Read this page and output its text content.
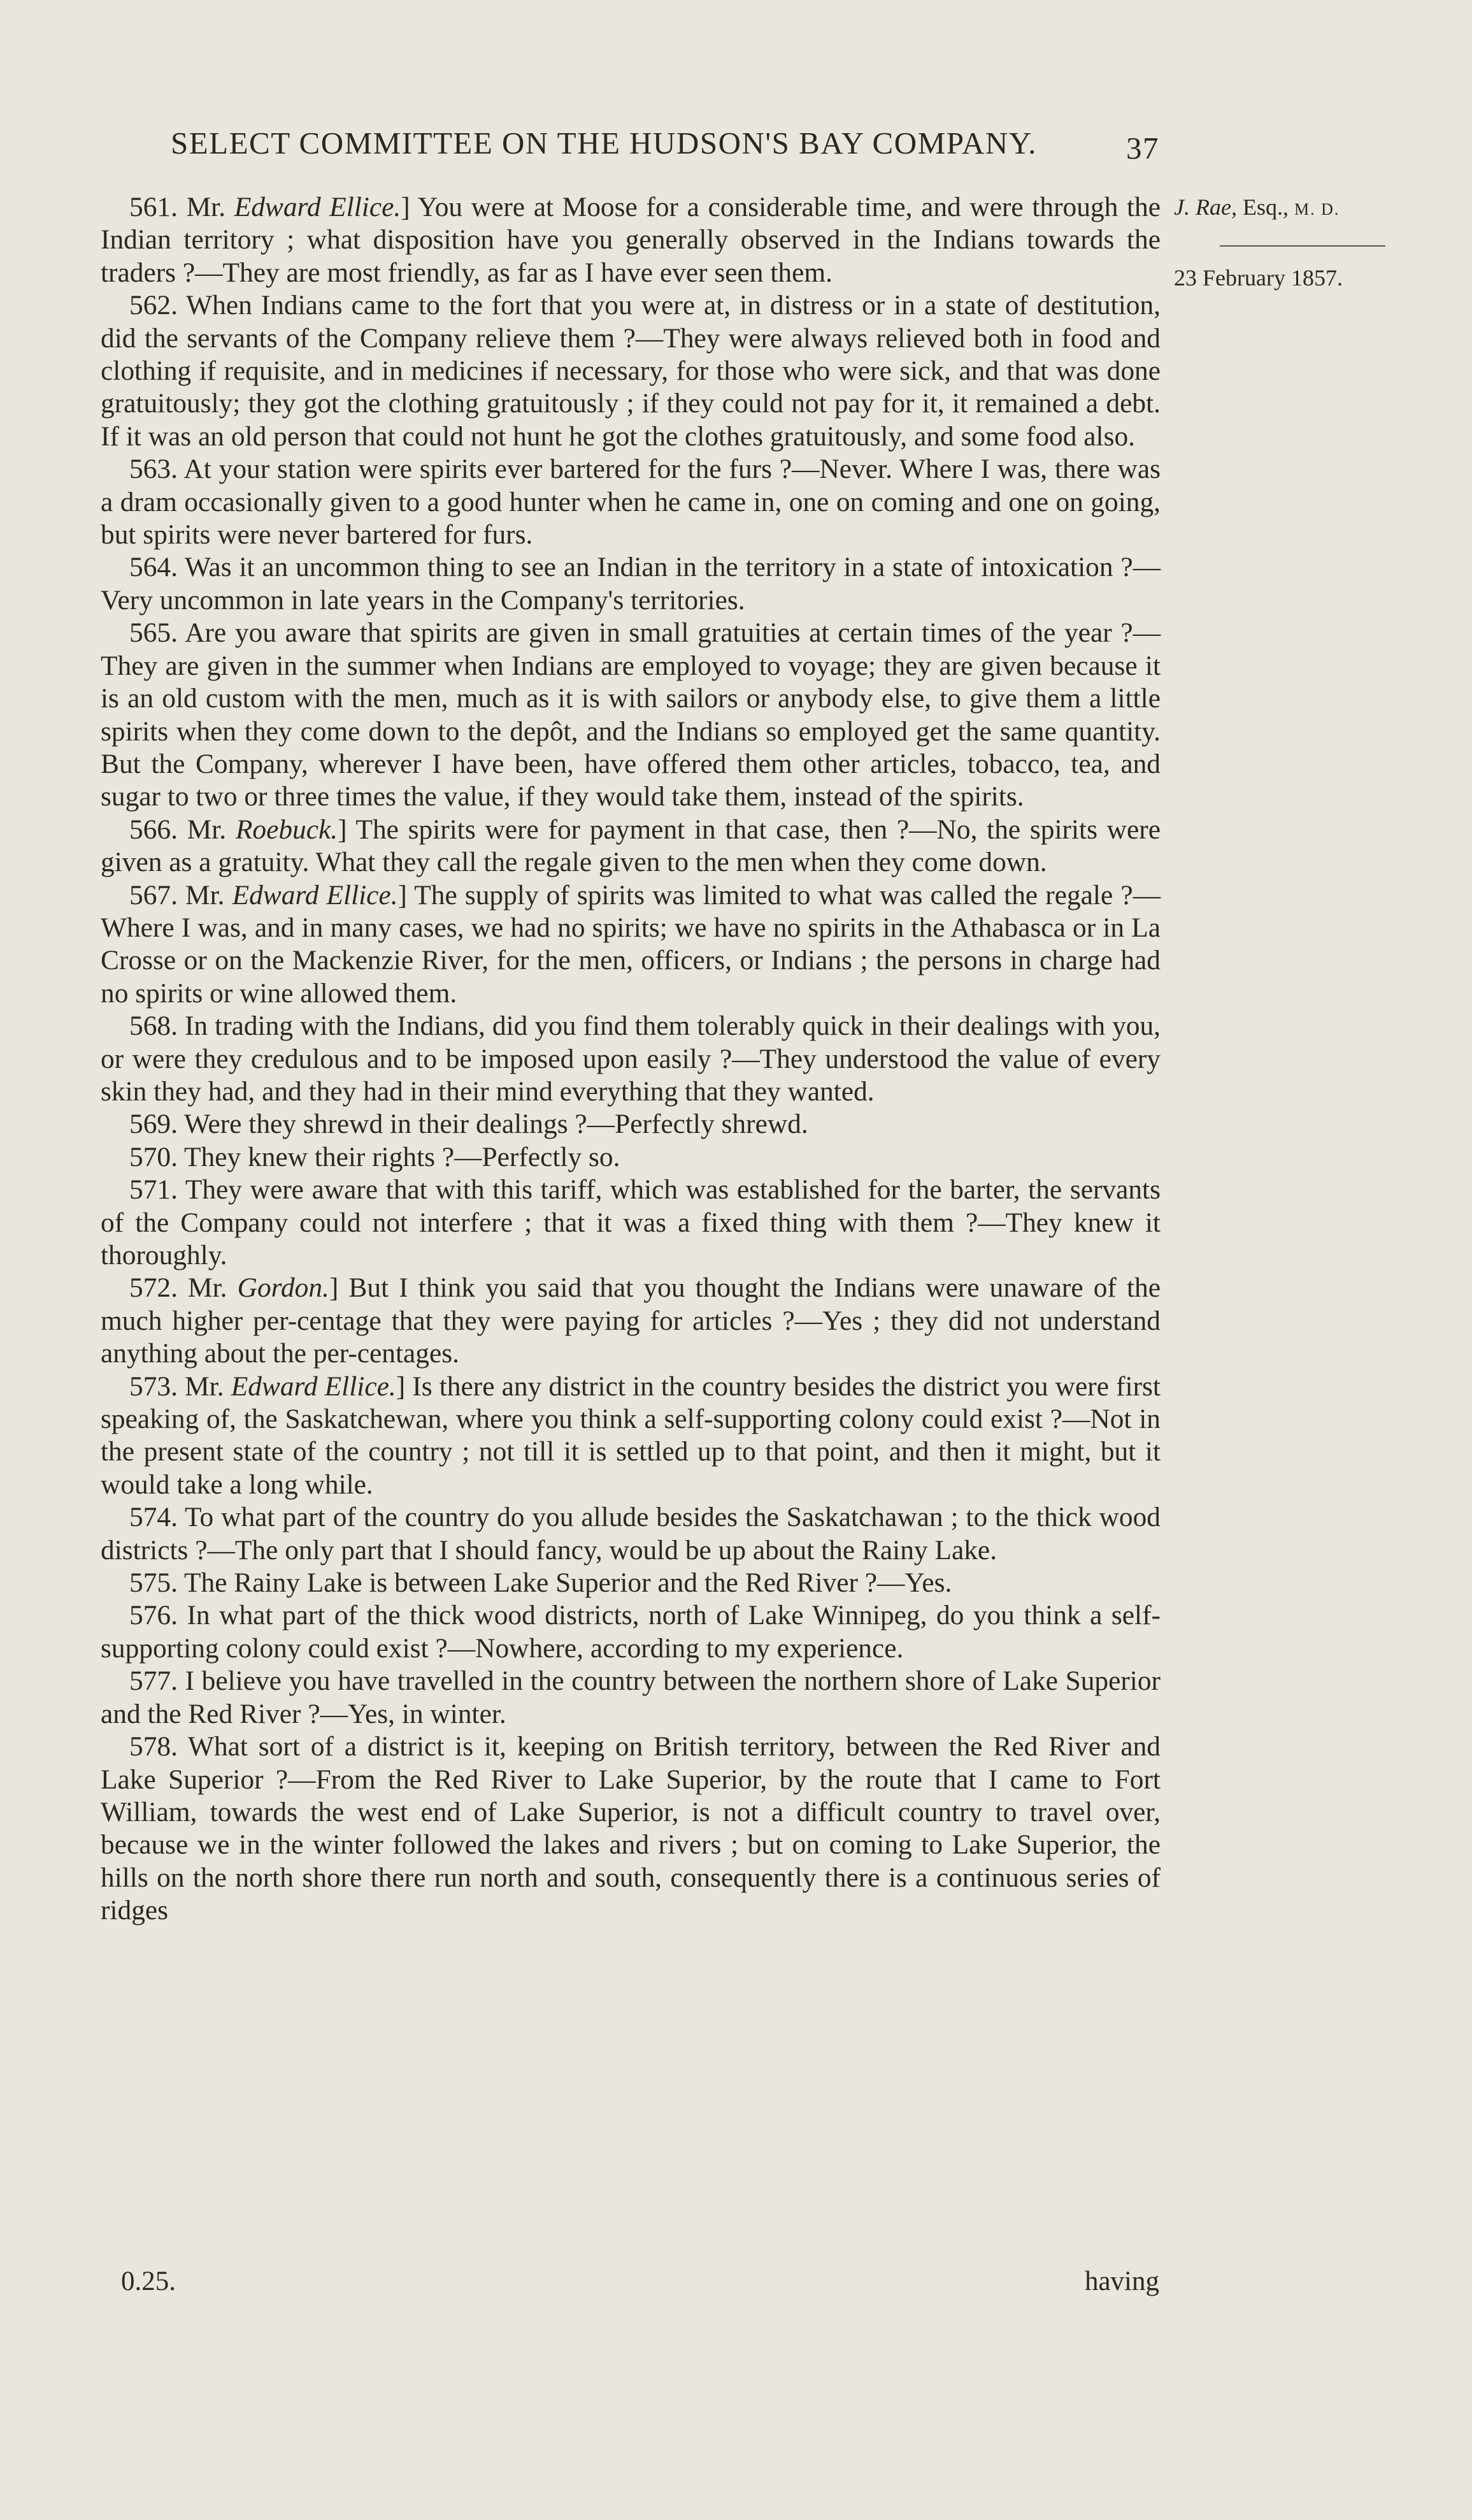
SELECT COMMITTEE ON THE HUDSON'S BAY COMPANY.	37
J. Rae, Esq., M. D.
23 February 1857.

561. Mr. Edward Ellice.] You were at Moose for a considerable time, and were through the Indian territory ; what disposition have you generally observed in the Indians towards the traders ?—They are most friendly, as far as I have ever seen them.

562. When Indians came to the fort that you were at, in distress or in a state of destitution, did the servants of the Company relieve them ?—They were always relieved both in food and clothing if requisite, and in medicines if necessary, for those who were sick, and that was done gratuitously; they got the clothing gratuitously ; if they could not pay for it, it remained a debt. If it was an old person that could not hunt he got the clothes gratuitously, and some food also.

563. At your station were spirits ever bartered for the furs ?—Never. Where I was, there was a dram occasionally given to a good hunter when he came in, one on coming and one on going, but spirits were never bartered for furs.

564. Was it an uncommon thing to see an Indian in the territory in a state of intoxication ?—Very uncommon in late years in the Company's territories.

565. Are you aware that spirits are given in small gratuities at certain times of the year ?—They are given in the summer when Indians are employed to voyage; they are given because it is an old custom with the men, much as it is with sailors or anybody else, to give them a little spirits when they come down to the depôt, and the Indians so employed get the same quantity. But the Company, wherever I have been, have offered them other articles, tobacco, tea, and sugar to two or three times the value, if they would take them, instead of the spirits.

566. Mr. Roebuck.] The spirits were for payment in that case, then ?—No, the spirits were given as a gratuity. What they call the regale given to the men when they come down.

567. Mr. Edward Ellice.] The supply of spirits was limited to what was called the regale ?—Where I was, and in many cases, we had no spirits; we have no spirits in the Athabasca or in La Crosse or on the Mackenzie River, for the men, officers, or Indians ; the persons in charge had no spirits or wine allowed them.

568. In trading with the Indians, did you find them tolerably quick in their dealings with you, or were they credulous and to be imposed upon easily ?—They understood the value of every skin they had, and they had in their mind everything that they wanted.

569. Were they shrewd in their dealings ?—Perfectly shrewd.

570. They knew their rights ?—Perfectly so.

571. They were aware that with this tariff, which was established for the barter, the servants of the Company could not interfere ; that it was a fixed thing with them ?—They knew it thoroughly.

572. Mr. Gordon.] But I think you said that you thought the Indians were unaware of the much higher per-centage that they were paying for articles ?—Yes ; they did not understand anything about the per-centages.

573. Mr. Edward Ellice.] Is there any district in the country besides the district you were first speaking of, the Saskatchewan, where you think a self-supporting colony could exist ?—Not in the present state of the country ; not till it is settled up to that point, and then it might, but it would take a long while.

574. To what part of the country do you allude besides the Saskatchawan ; to the thick wood districts ?—The only part that I should fancy, would be up about the Rainy Lake.

575. The Rainy Lake is between Lake Superior and the Red River ?—Yes.

576. In what part of the thick wood districts, north of Lake Winnipeg, do you think a self-supporting colony could exist ?—Nowhere, according to my experience.

577. I believe you have travelled in the country between the northern shore of Lake Superior and the Red River ?—Yes, in winter.

578. What sort of a district is it, keeping on British territory, between the Red River and Lake Superior ?—From the Red River to Lake Superior, by the route that I came to Fort William, towards the west end of Lake Superior, is not a difficult country to travel over, because we in the winter followed the lakes and rivers ; but on coming to Lake Superior, the hills on the north shore there run north and south, consequently there is a continuous series of ridges

0.25.	having
